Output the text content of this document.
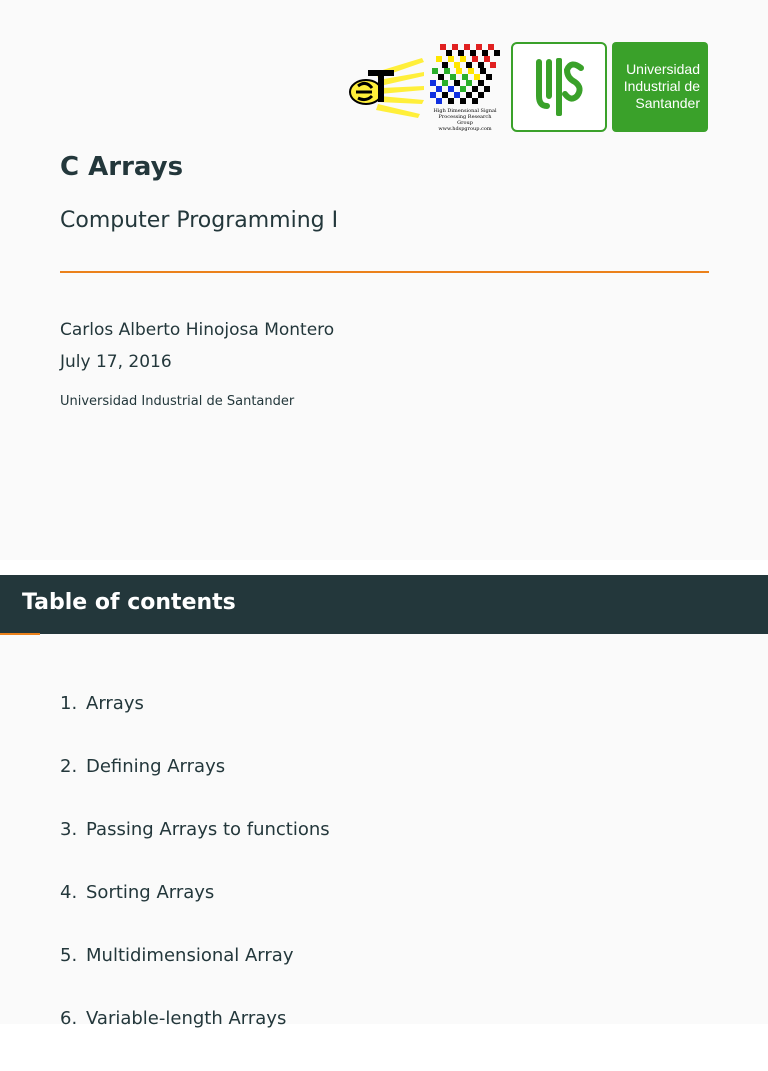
High Dimensional Signal
Processing Research Group
www.hdspgroup.com
Universidad
Industrial de
Santander
C Arrays
Computer Programming I
Carlos Alberto Hinojosa Montero
July 17, 2016
Universidad Industrial de Santander
Table of contents
1. Arrays
2. Defining Arrays
3. Passing Arrays to functions
4. Sorting Arrays
5. Multidimensional Array
6. Variable-length Arrays
